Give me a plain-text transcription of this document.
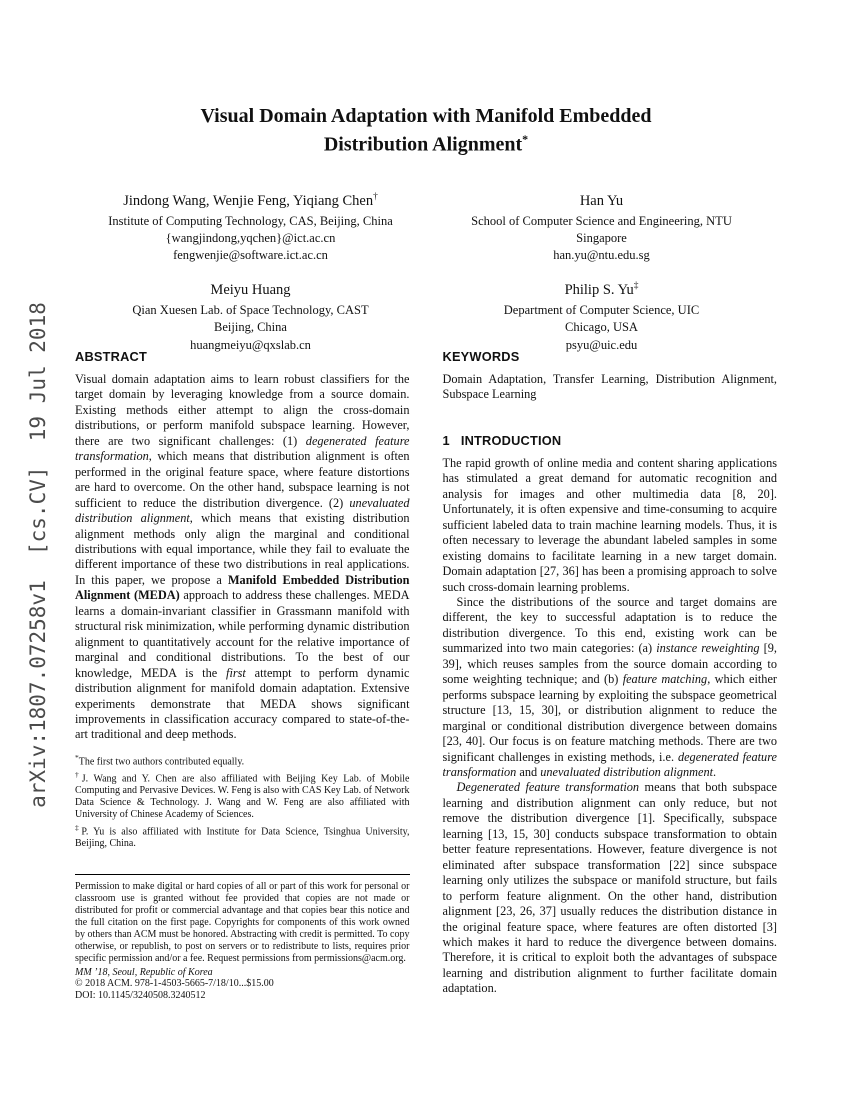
arXiv:1807.07258v1  [cs.CV]  19 Jul 2018
Visual Domain Adaptation with Manifold Embedded
Distribution Alignment*
Jindong Wang, Wenjie Feng, Yiqiang Chen†
Institute of Computing Technology, CAS, Beijing, China
{wangjindong,yqchen}@ict.ac.cn
fengwenjie@software.ict.ac.cn
Han Yu
School of Computer Science and Engineering, NTU
Singapore
han.yu@ntu.edu.sg
Meiyu Huang
Qian Xuesen Lab. of Space Technology, CAST
Beijing, China
huangmeiyu@qxslab.cn
Philip S. Yu‡
Department of Computer Science, UIC
Chicago, USA
psyu@uic.edu
ABSTRACT

Visual domain adaptation aims to learn robust classifiers for the target domain by leveraging knowledge from a source domain. Existing methods either attempt to align the cross-domain distributions, or perform manifold subspace learning. However, there are two significant challenges: (1) degenerated feature transformation, which means that distribution alignment is often performed in the original feature space, where feature distortions are hard to overcome. On the other hand, subspace learning is not sufficient to reduce the distribution divergence. (2) unevaluated distribution alignment, which means that existing distribution alignment methods only align the marginal and conditional distributions with equal importance, while they fail to evaluate the different importance of these two distributions in real applications. In this paper, we propose a Manifold Embedded Distribution Alignment (MEDA) approach to address these challenges. MEDA learns a domain-invariant classifier in Grassmann manifold with structural risk minimization, while performing dynamic distribution alignment to quantitatively account for the relative importance of marginal and conditional distributions. To the best of our knowledge, MEDA is the first attempt to perform dynamic distribution alignment for manifold domain adaptation. Extensive experiments demonstrate that MEDA shows significant improvements in classification accuracy compared to state-of-the-art traditional and deep methods.

*The first two authors contributed equally.

†J. Wang and Y. Chen are also affiliated with Beijing Key Lab. of Mobile Computing and Pervasive Devices. W. Feng is also with CAS Key Lab. of Network Data Science & Technology. J. Wang and W. Feng are also affiliated with University of Chinese Academy of Sciences.

‡P. Yu is also affiliated with Institute for Data Science, Tsinghua University, Beijing, China.

Permission to make digital or hard copies of all or part of this work for personal or classroom use is granted without fee provided that copies are not made or distributed for profit or commercial advantage and that copies bear this notice and the full citation on the first page. Copyrights for components of this work owned by others than ACM must be honored. Abstracting with credit is permitted. To copy otherwise, or republish, to post on servers or to redistribute to lists, requires prior specific permission and/or a fee. Request permissions from permissions@acm.org.

MM ’18, Seoul, Republic of Korea

© 2018 ACM. 978-1-4503-5665-7/18/10...$15.00

DOI: 10.1145/3240508.3240512

KEYWORDS

Domain Adaptation, Transfer Learning, Distribution Alignment, Subspace Learning

1 INTRODUCTION

The rapid growth of online media and content sharing applications has stimulated a great demand for automatic recognition and analysis for images and other multimedia data [8, 20]. Unfortunately, it is often expensive and time-consuming to acquire sufficient labeled data to train machine learning models. Thus, it is often necessary to leverage the abundant labeled samples in some existing domains to facilitate learning in a new target domain. Domain adaptation [27, 36] has been a promising approach to solve such cross-domain learning problems.

Since the distributions of the source and target domains are different, the key to successful adaptation is to reduce the distribution divergence. To this end, existing work can be summarized into two main categories: (a) instance reweighting [9, 39], which reuses samples from the source domain according to some weighting technique; and (b) feature matching, which either performs subspace learning by exploiting the subspace geometrical structure [13, 15, 30], or distribution alignment to reduce the marginal or conditional distribution divergence between domains [23, 40]. Our focus is on feature matching methods. There are two significant challenges in existing methods, i.e. degenerated feature transformation and unevaluated distribution alignment.

Degenerated feature transformation means that both subspace learning and distribution alignment can only reduce, but not remove the distribution divergence [1]. Specifically, subspace learning [13, 15, 30] conducts subspace transformation to obtain better feature representations. However, feature divergence is not eliminated after subspace transformation [22] since subspace learning only utilizes the subspace or manifold structure, but fails to perform feature alignment. On the other hand, distribution alignment [23, 26, 37] usually reduces the distribution distance in the original feature space, where features are often distorted [3] which makes it hard to reduce the divergence between domains. Therefore, it is critical to exploit both the advantages of subspace learning and distribution alignment to further facilitate domain adaptation.
